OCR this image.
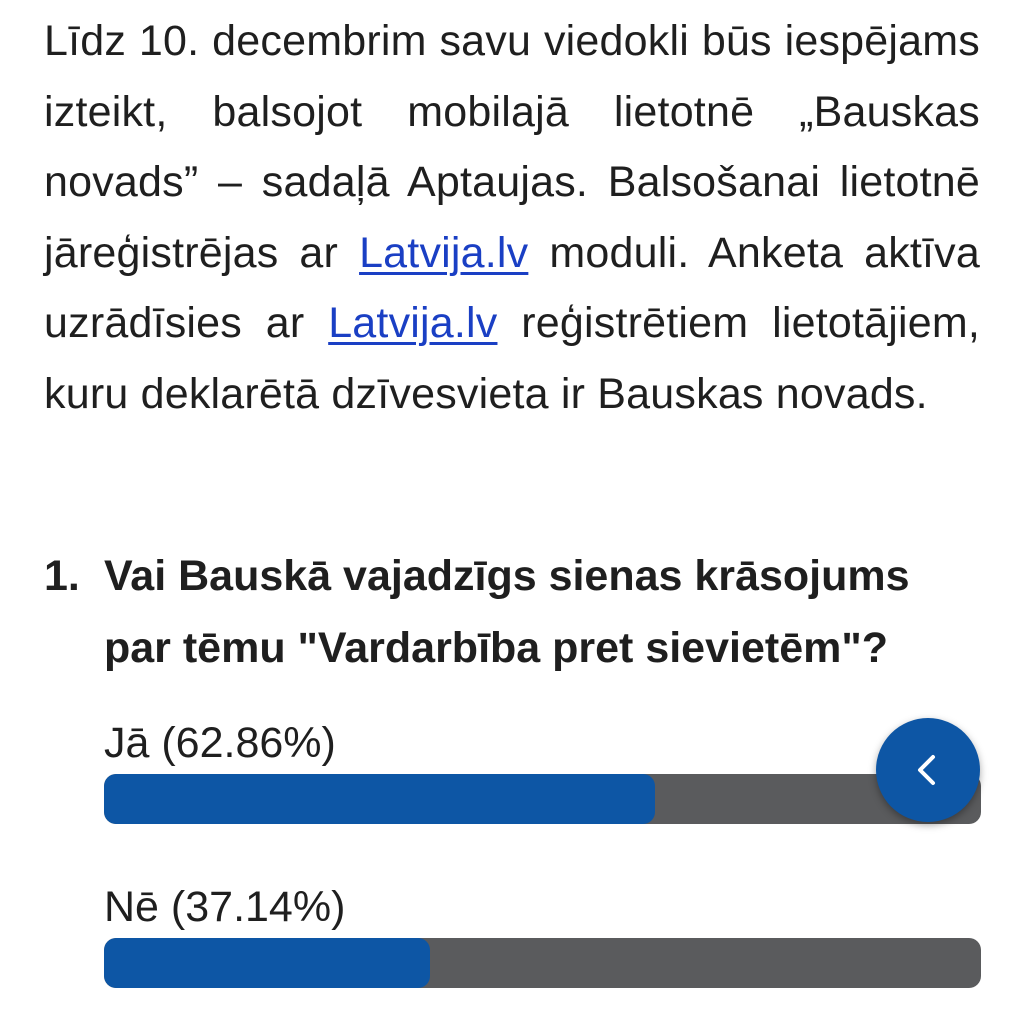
Līdz 10. decembrim savu viedokli būs iespējams izteikt, balsojot mobilajā lietotnē „Bauskas novads” – sadaļā Aptaujas. Balsošanai lietotnē jāreģistrējas ar Latvija.lv moduli. Anketa aktīva uzrādīsies ar Latvija.lv reģistrētiem lietotājiem, kuru deklarētā dzīvesvieta ir Bauskas novads.

1. Vai Bauskā vajadzīgs sienas krāsojums par tēmu "Vardarbība pret sievietēm"?
Jā (62.86%)
Nē (37.14%)
